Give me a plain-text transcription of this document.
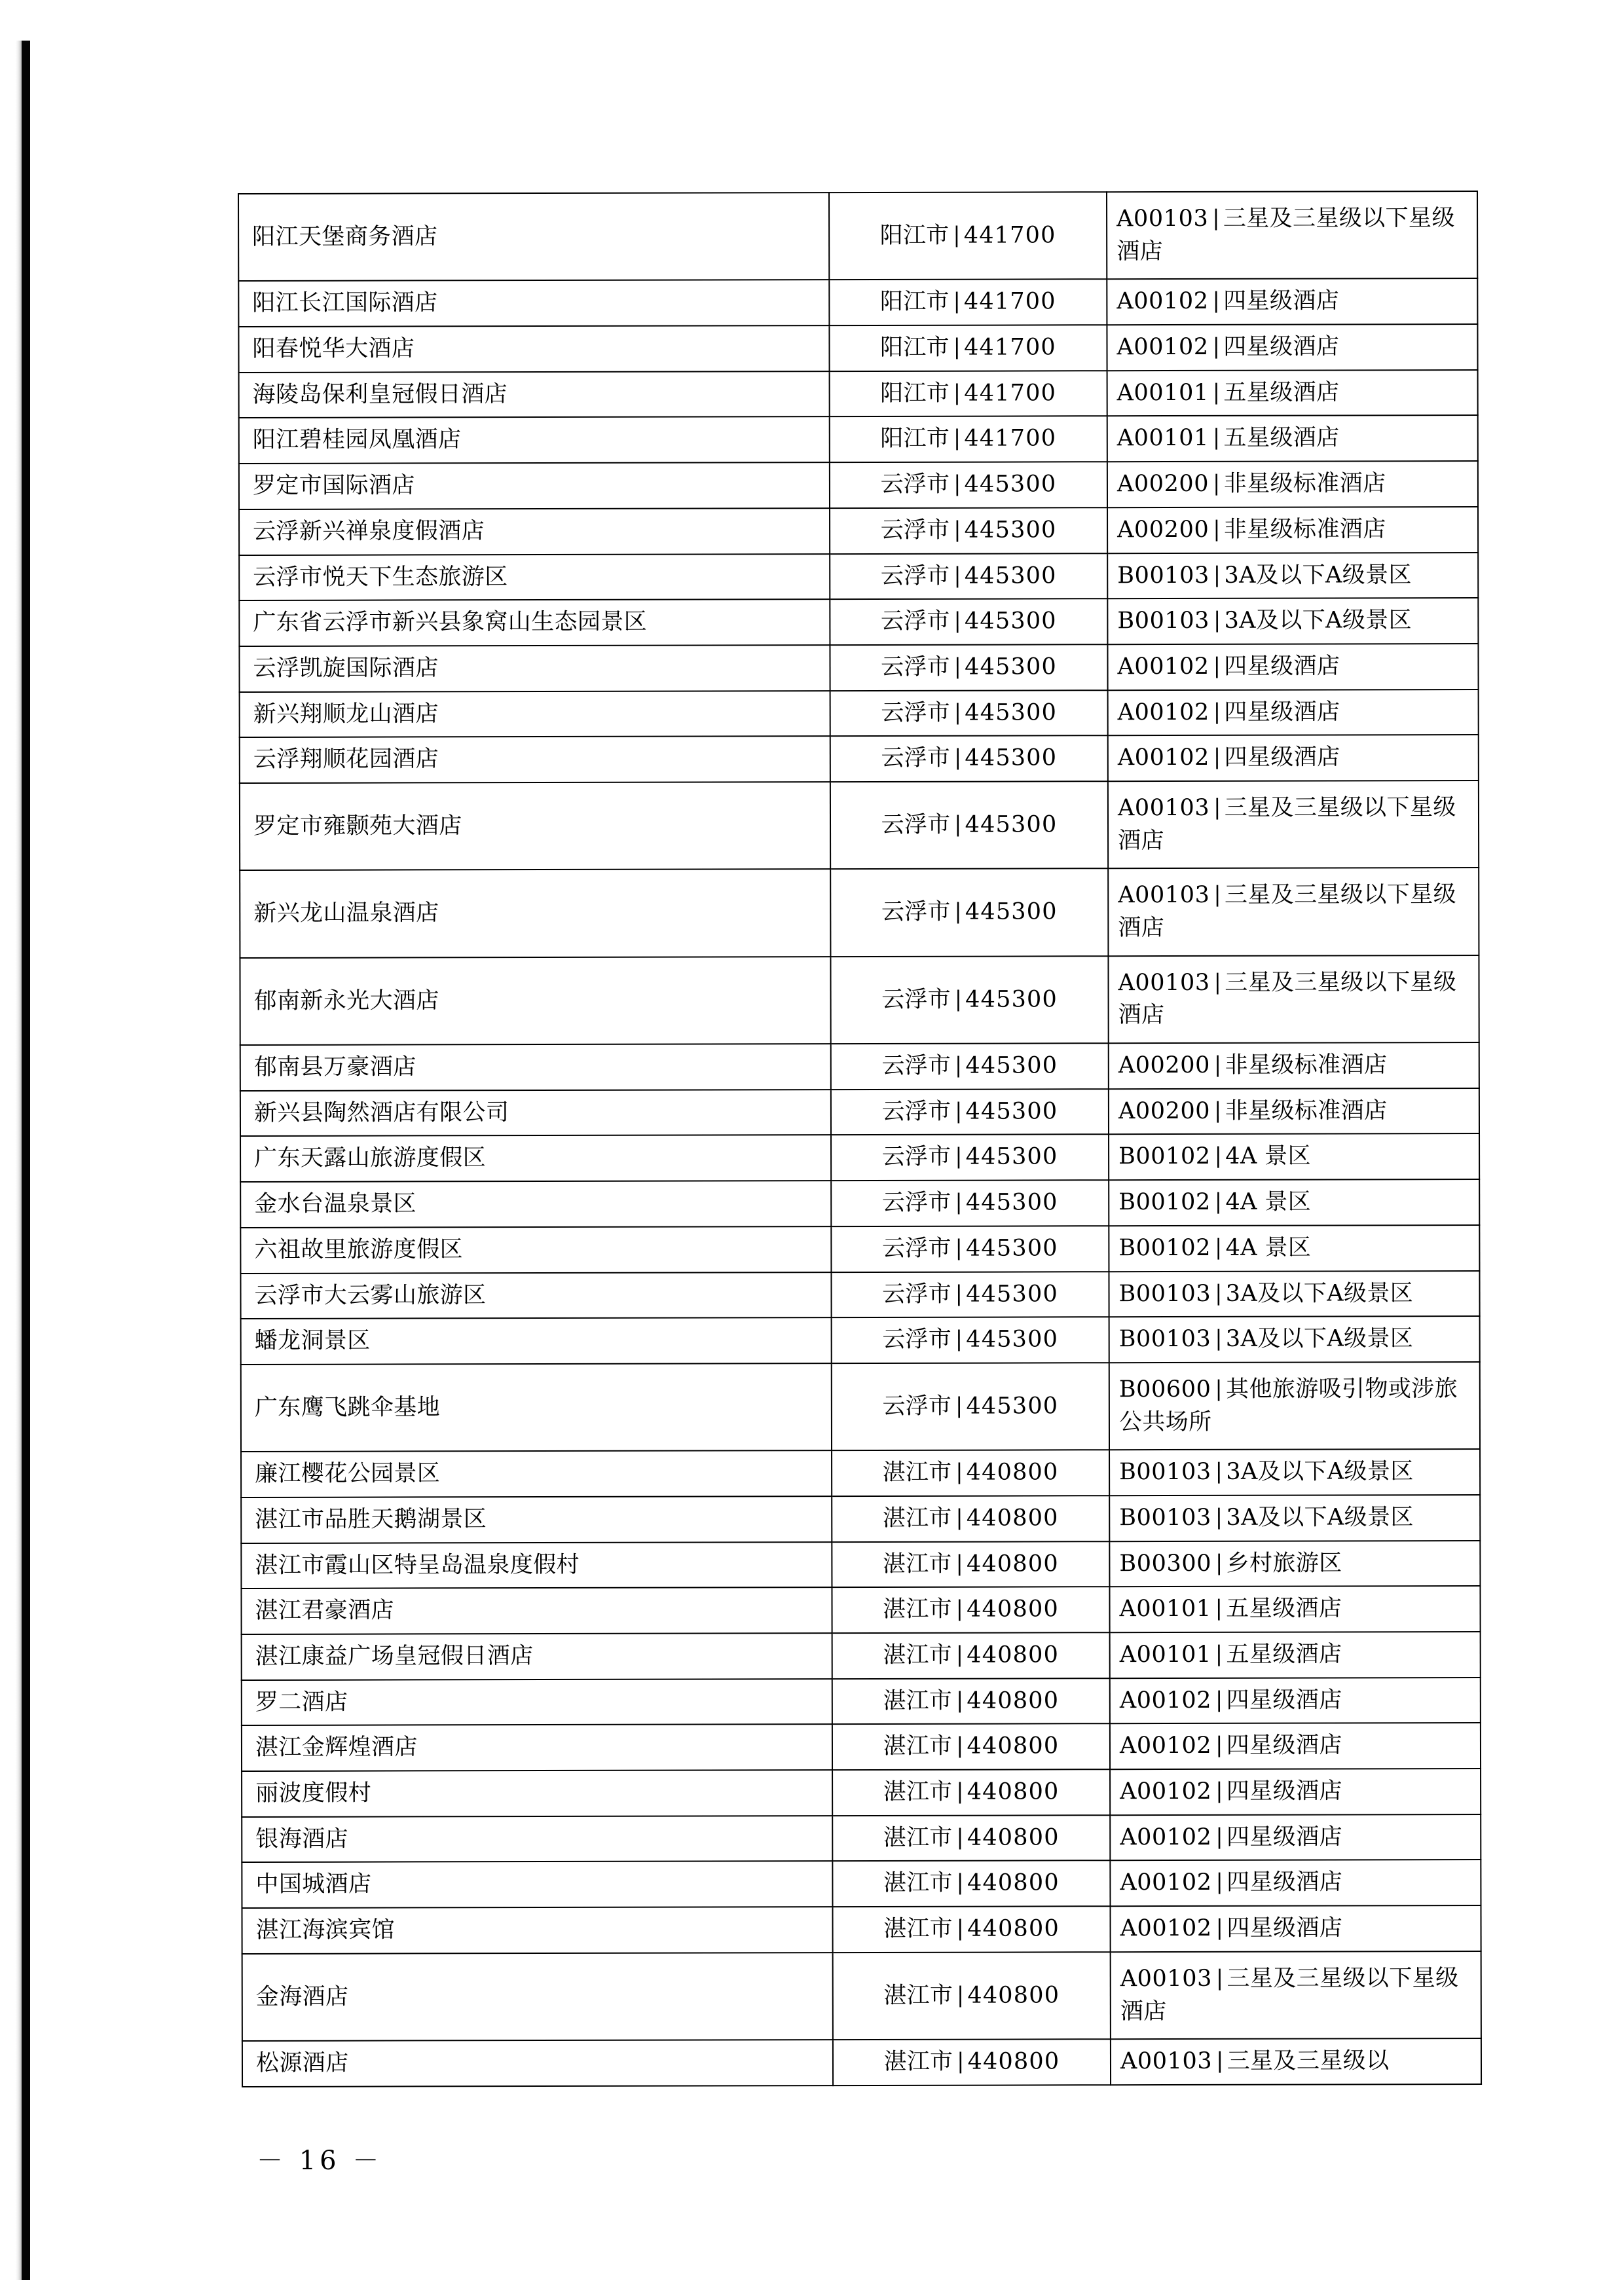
阳江天堡商务酒店	阳江市 | 441700	A00103 | 三星及三星级以下星级酒店

阳江长江国际酒店	阳江市 | 441700	A00102 | 四星级酒店

阳春悦华大酒店	阳江市 | 441700	A00102 | 四星级酒店

海陵岛保利皇冠假日酒店	阳江市 | 441700	A00101 | 五星级酒店

阳江碧桂园凤凰酒店	阳江市 | 441700	A00101 | 五星级酒店

罗定市国际酒店	云浮市 | 445300	A00200 | 非星级标准酒店

云浮新兴禅泉度假酒店	云浮市 | 445300	A00200 | 非星级标准酒店

云浮市悦天下生态旅游区	云浮市 | 445300	B00103 | 3A及以下A级景区

广东省云浮市新兴县象窝山生态园景区	云浮市 | 445300	B00103 | 3A及以下A级景区

云浮凯旋国际酒店	云浮市 | 445300	A00102 | 四星级酒店

新兴翔顺龙山酒店	云浮市 | 445300	A00102 | 四星级酒店

云浮翔顺花园酒店	云浮市 | 445300	A00102 | 四星级酒店

罗定市雍颢苑大酒店	云浮市 | 445300	A00103 | 三星及三星级以下星级酒店

新兴龙山温泉酒店	云浮市 | 445300	A00103 | 三星及三星级以下星级酒店

郁南新永光大酒店	云浮市 | 445300	A00103 | 三星及三星级以下星级酒店

郁南县万豪酒店	云浮市 | 445300	A00200 | 非星级标准酒店

新兴县陶然酒店有限公司	云浮市 | 445300	A00200 | 非星级标准酒店

广东天露山旅游度假区	云浮市 | 445300	B00102 | 4A 景区

金水台温泉景区	云浮市 | 445300	B00102 | 4A 景区

六祖故里旅游度假区	云浮市 | 445300	B00102 | 4A 景区

云浮市大云雾山旅游区	云浮市 | 445300	B00103 | 3A及以下A级景区

蟠龙洞景区	云浮市 | 445300	B00103 | 3A及以下A级景区

广东鹰飞跳伞基地	云浮市 | 445300	B00600 | 其他旅游吸引物或涉旅公共场所

廉江樱花公园景区	湛江市 | 440800	B00103 | 3A及以下A级景区

湛江市品胜天鹅湖景区	湛江市 | 440800	B00103 | 3A及以下A级景区

湛江市霞山区特呈岛温泉度假村	湛江市 | 440800	B00300 | 乡村旅游区

湛江君豪酒店	湛江市 | 440800	A00101 | 五星级酒店

湛江康益广场皇冠假日酒店	湛江市 | 440800	A00101 | 五星级酒店

罗二酒店	湛江市 | 440800	A00102 | 四星级酒店

湛江金辉煌酒店	湛江市 | 440800	A00102 | 四星级酒店

丽波度假村	湛江市 | 440800	A00102 | 四星级酒店

银海酒店	湛江市 | 440800	A00102 | 四星级酒店

中国城酒店	湛江市 | 440800	A00102 | 四星级酒店

湛江海滨宾馆	湛江市 | 440800	A00102 | 四星级酒店

金海酒店	湛江市 | 440800	A00103 | 三星及三星级以下星级酒店

松源酒店	湛江市 | 440800	A00103 | 三星及三星级以
－ 16 －
